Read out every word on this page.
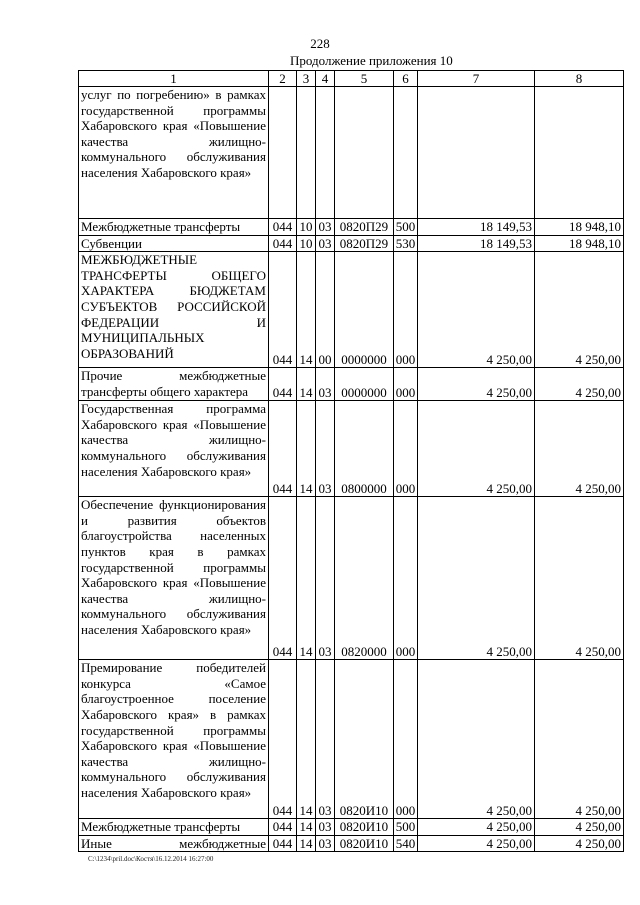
228
Продолжение приложения 10
1	2	3	4	5	6	7	8
услуг по погребению» в рамках государственной программы Хабаровского края «Повышение качества жилищно-коммунального обслуживания населения Хабаровского края»							
Межбюджетные трансферты	044	10	03	0820П29	500	18 149,53	18 948,10
Субвенции	044	10	03	0820П29	530	18 149,53	18 948,10
МЕЖБЮДЖЕТНЫЕ ТРАНСФЕРТЫ ОБЩЕГО ХАРАКТЕРА БЮДЖЕТАМ СУБЪЕКТОВ РОССИЙСКОЙ ФЕДЕРАЦИИ И МУНИЦИПАЛЬНЫХ ОБРАЗОВАНИЙ	044	14	00	0000000	000	4 250,00	4 250,00
Прочие межбюджетные трансферты общего характера	044	14	03	0000000	000	4 250,00	4 250,00
Государственная программа Хабаровского края «Повышение качества жилищно-коммунального обслуживания населения Хабаровского края»	044	14	03	0800000	000	4 250,00	4 250,00
Обеспечение функционирования и развития объектов благоустройства населенных пунктов края в рамках государственной программы Хабаровского края «Повышение качества жилищно-коммунального обслуживания населения Хабаровского края»	044	14	03	0820000	000	4 250,00	4 250,00
Премирование победителей конкурса «Самое благоустроенное поселение Хабаровского края» в рамках государственной программы Хабаровского края «Повышение качества жилищно-коммунального обслуживания населения Хабаровского края»	044	14	03	0820И10	000	4 250,00	4 250,00
Межбюджетные трансферты	044	14	03	0820И10	500	4 250,00	4 250,00
Иные межбюджетные	044	14	03	0820И10	540	4 250,00	4 250,00
C:\1234\pril.doc\Костя\16.12.2014 16:27:00
